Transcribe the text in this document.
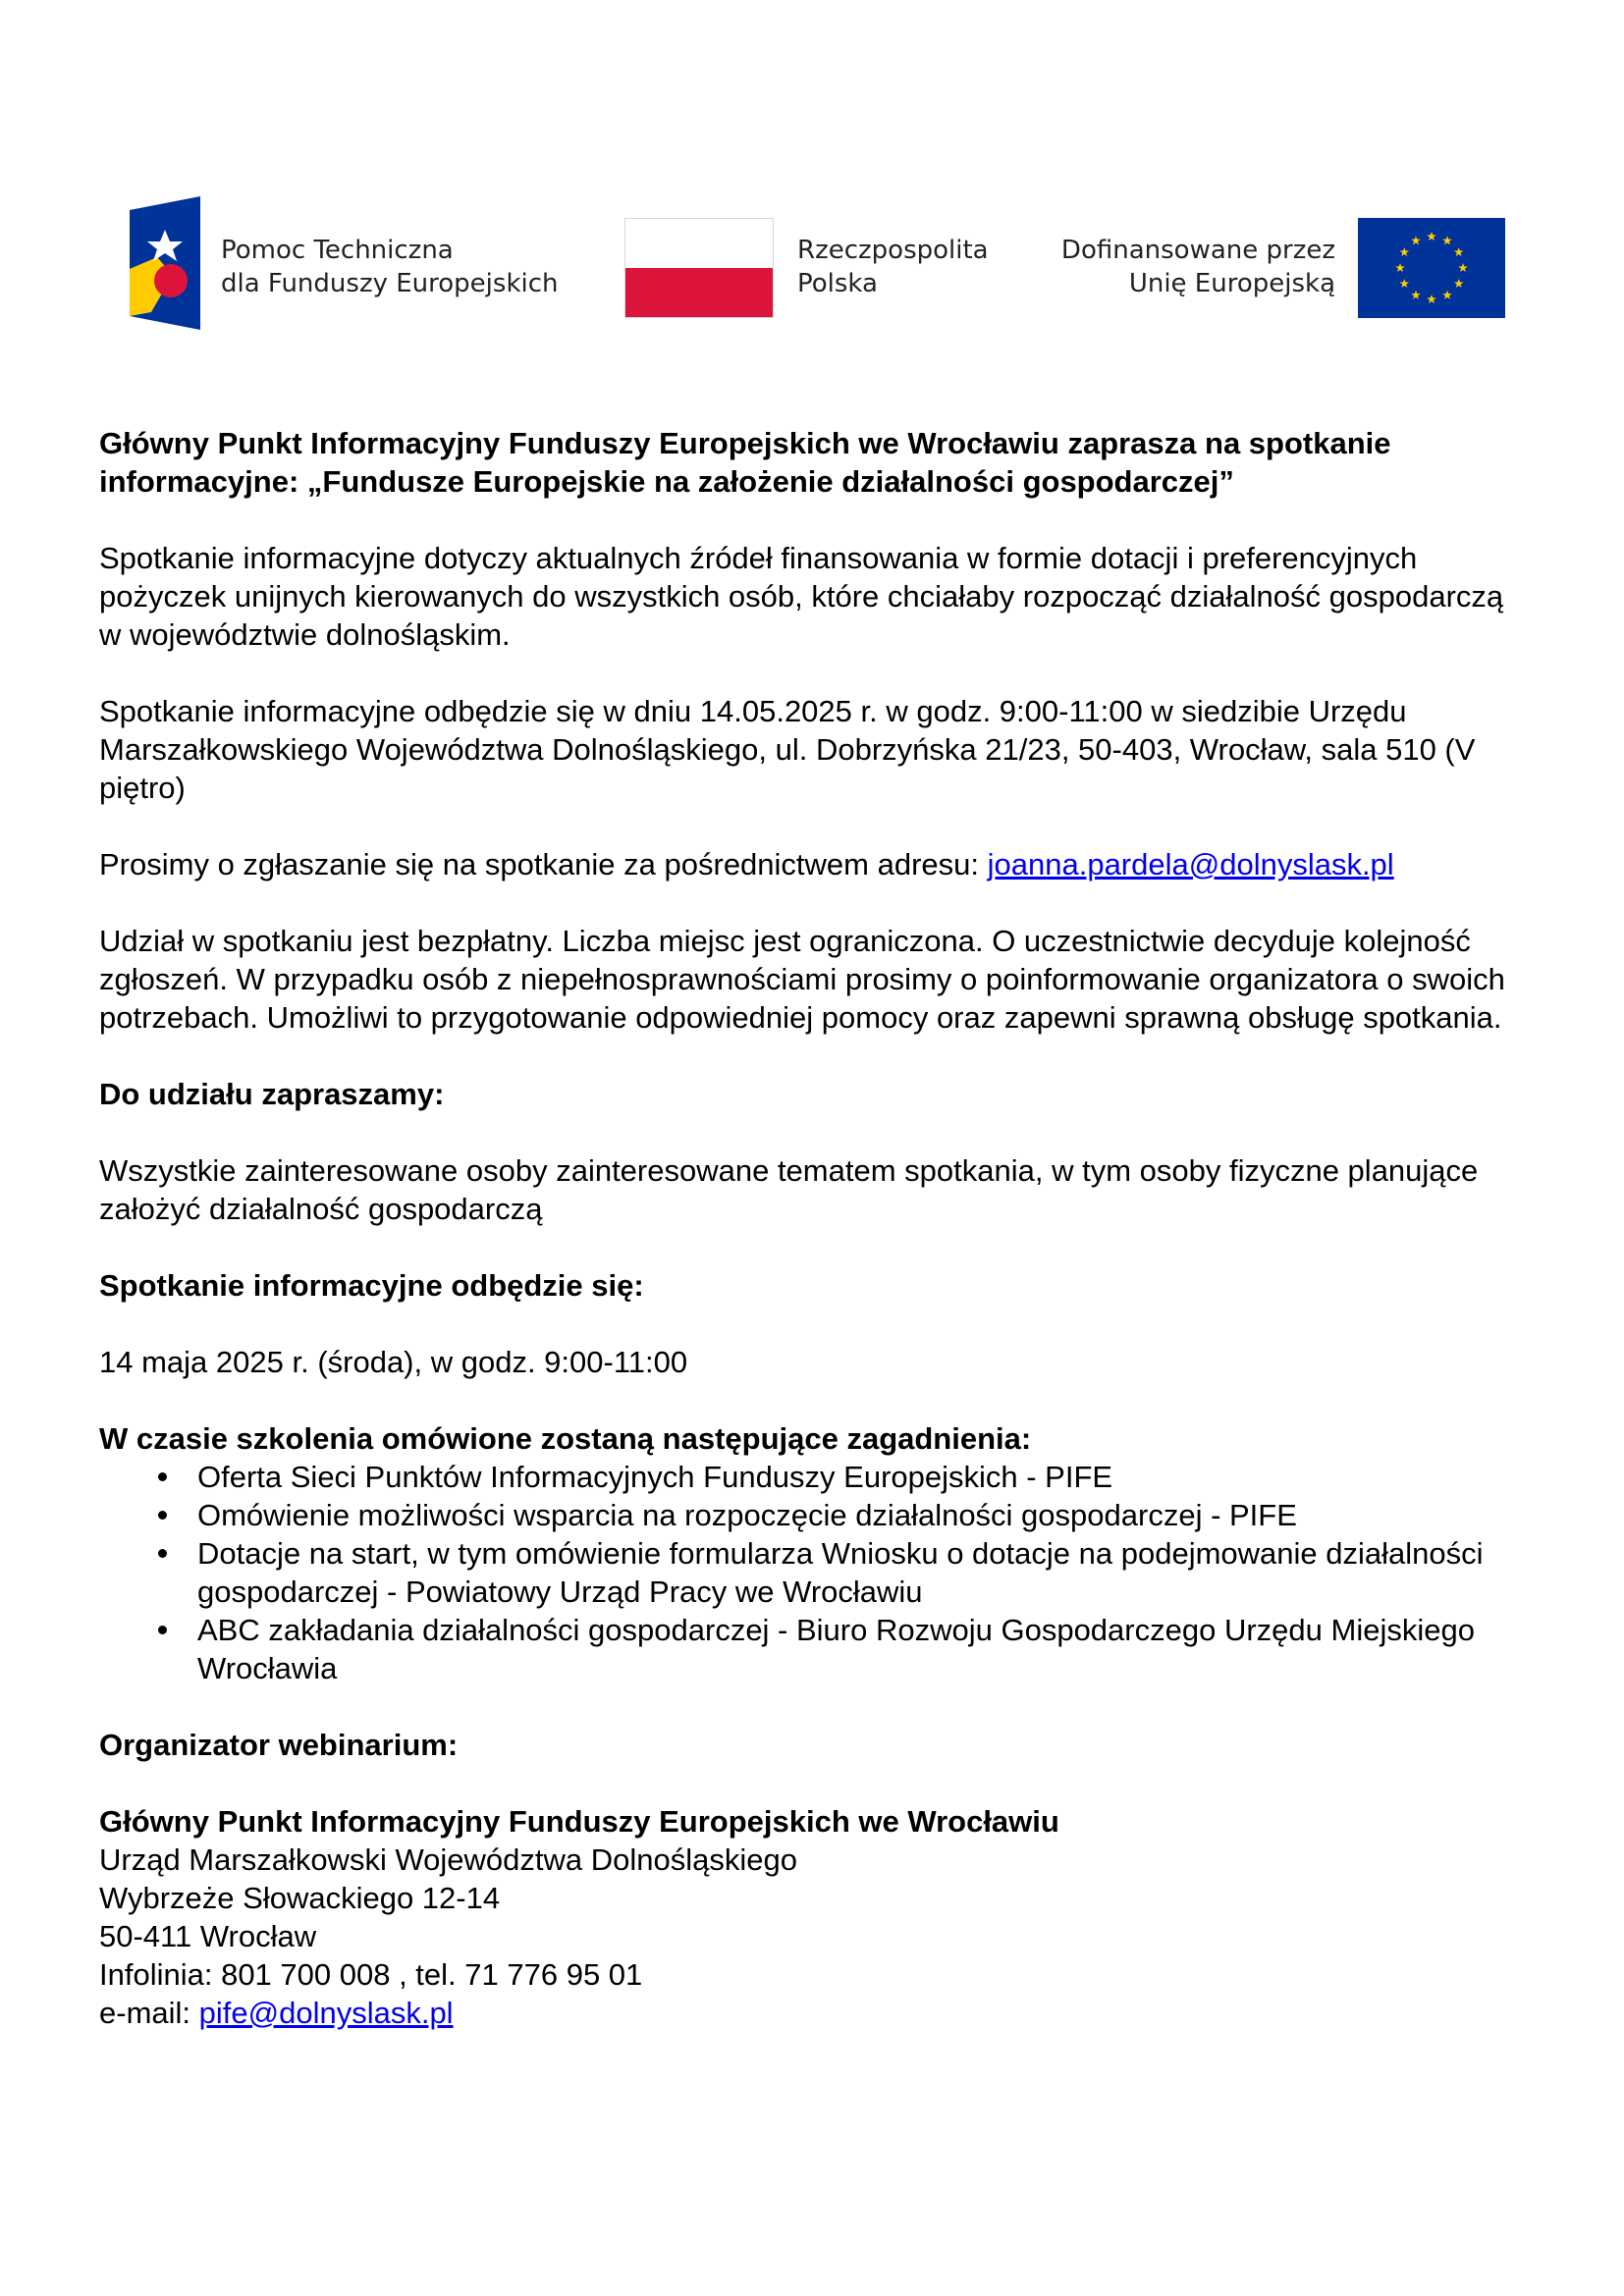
Pomoc Techniczna
dla Funduszy Europejskich
Rzeczpospolita
Polska
Dofinansowane przez
Unię Europejską

Główny Punkt Informacyjny Funduszy Europejskich we Wrocławiu zaprasza na spotkanie informacyjne: „Fundusze Europejskie na założenie działalności gospodarczej”

Spotkanie informacyjne dotyczy aktualnych źródeł finansowania w formie dotacji i preferencyjnych pożyczek unijnych kierowanych do wszystkich osób, które chciałaby rozpocząć działalność gospodarczą w województwie dolnośląskim.

Spotkanie informacyjne odbędzie się w dniu 14.05.2025 r. w godz. 9:00-11:00 w siedzibie Urzędu Marszałkowskiego Województwa Dolnośląskiego, ul. Dobrzyńska 21/23, 50-403, Wrocław, sala 510 (V piętro)

Prosimy o zgłaszanie się na spotkanie za pośrednictwem adresu: joanna.pardela@dolnyslask.pl

Udział w spotkaniu jest bezpłatny. Liczba miejsc jest ograniczona. O uczestnictwie decyduje kolejność zgłoszeń. W przypadku osób z niepełnosprawnościami prosimy o poinformowanie organizatora o swoich potrzebach. Umożliwi to przygotowanie odpowiedniej pomocy oraz zapewni sprawną obsługę spotkania.

Do udziału zapraszamy:

Wszystkie zainteresowane osoby zainteresowane tematem spotkania, w tym osoby fizyczne planujące założyć działalność gospodarczą

Spotkanie informacyjne odbędzie się:

14 maja 2025 r. (środa), w godz. 9:00-11:00

W czasie szkolenia omówione zostaną następujące zagadnienia:

Oferta Sieci Punktów Informacyjnych Funduszy Europejskich - PIFE
Omówienie możliwości wsparcia na rozpoczęcie działalności gospodarczej - PIFE
Dotacje na start, w tym omówienie formularza Wniosku o dotacje na podejmowanie działalności gospodarczej - Powiatowy Urząd Pracy we Wrocławiu
ABC zakładania działalności gospodarczej - Biuro Rozwoju Gospodarczego Urzędu Miejskiego Wrocławia

Organizator webinarium:

Główny Punkt Informacyjny Funduszy Europejskich we Wrocławiu

Urząd Marszałkowski Województwa Dolnośląskiego

Wybrzeże Słowackiego 12-14

50-411 Wrocław

Infolinia: 801 700 008 , tel. 71 776 95 01

e-mail: pife@dolnyslask.pl
